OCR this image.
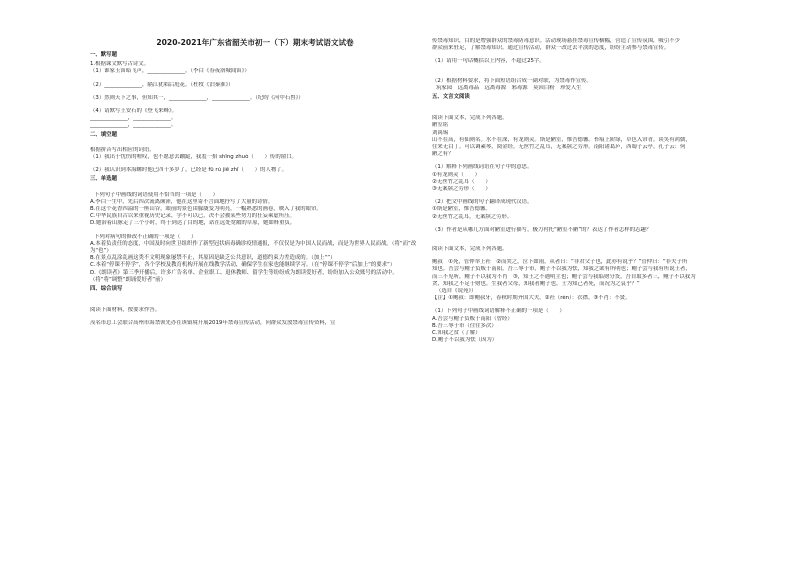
2020-2021年广东省韶关市初一（下）期末考试语文试卷
一、默写题
1.根据课文默写古诗文。
（1）谁家玉笛暗飞声，______________。（李白《春夜洛城闻笛》）
（2）______________，隔江犹唱后庭花。（杜牧《泊秦淮》）
（3）然则天下之事，但知其一，______________，______________。（纪昀《河中石兽》）
（4）请默写王安石的《登飞来峰》。
______________，______________。
______________，______________。
二、填空题
根据拼音写出相应的词语。
（1）我出于忧伤的喟叹，也不愿意去蹦跶，我羞一抬 shǐng zhuó（　　）传的窗口。
（2）我认识到本海螺时他已四十多岁了，已经是 fū rú jiē zhī（　　）的人物了。
三、单选题
下列句子中画线的词语使用不恰当的一项是（　　）
A.李白一生中，先后四次流离颠沛，他在这里寄不言面地抒写了大量的诗情。
B.在这个花香四溢的一座山谷，眼前的景色由朦胧变为明亮，一幅熟悉的画卷，映入了我的眼帘。
C.中华民族自古以来重视历史记录，学不可以已，决不会被某些势力的狂妄乘虚所压。
D.她治着山脉走了三个小时，终于到达了目的地，站在远处宽敞的草原，她如释重负。
下列对病句的修改不正确的一项是（　　）
A.本着负责任的态度，中国及时向世卫组织作了新型冠状病毒确诊疫情通报，不仅仅是为中国人民而战，而是为世界人民而战。（将“而”改为“也”）
B.在景点乱涂乱画这类不文明现象屡禁不止，其原因是缺乏公共意识，道德约束力差造成的。（加上“”）
C.本着“停课不停学”，各个学校及教育机构开展在线教学活动，确保学生在家也能继续学习。（在“停课不停学”后加上“的要求”）
D.《朗读者》第三季开播后，许多广告名单、企业职工、退休教师、留学生等纷纷成为朗读爱好者，纷纷加入公众账号的活动中。（将“将”调整“朗诵爱好者”前）
四、综合读写
阅读下面材料，按要求作答。
茂名市总工会联合高州市海禁领先办在该镇境开展2019年禁毒宣传活动，向群众发放禁毒宣传资料，宣
传禁毒知识，目的是增强群众的禁毒防毒意识。活动现场悬挂禁毒宣传横幅，营造了宣传氛围，吸引不少
群众前来驻足，了解禁毒知识。通过宣传活动，群众一改过去平淡的态度，纷纷主动参与禁毒宣传。
（1）请用一句话概括以上内容，不超过25字。
（2）根据材料要求，将下面短语组合成一副对联，为禁毒作宣传。
筑家园　远离毒品　远离毒源　邪毒源　莫因白粉　珍爱人生
五、文言文阅读
阅读下面文本，完成下列各题。
陋室铭
刘禹锡
山不在高，有仙则名。水不在深，有龙则灵。斯是陋室，惟吾德馨。苔痕上阶绿，草色入帘青。谈笑有鸿儒，
往来无白丁。可以调素琴，阅金经。无丝竹之乱耳，无案牍之劳形。南阳诸葛庐，西蜀子云亭。孔子云：何
陋之有？
（1）解释下列画线词语在句子中的意思。
①有龙则灵（　　）
②无丝竹之乱耳（　　）
③无案牍之劳形（　　）
（2）把文中画线的句子翻译成现代汉语。
①斯是陋室，惟吾德馨。
②无丝竹之乱耳，无案牍之劳形。
（3）作者是从哪几方面对陋室进行描写，极力衬托“陋室不陋”的？表达了作者怎样的志趣？
阅读下面文本，完成下列各题。
鲍叔　①死，管仲举上衽　②而哭之，泣下如雨。从者曰：“非君父子也，此亦有说乎？”管仲曰：“非夫子所
知也。吾尝与鲍子负贩于南阳，吾三辱于市，鲍子不以我为怯，知我之欲有所明也；鲍子尝与我有所说王者，
而三不见听，鲍子不以我为不肖　③，知王之不遇明主也；鲍子尝与我临财分货，吾自取多者三，鲍子不以我为
贪，知我之不足于财也。生我者父母，知我者鲍子也。士为知己者死，而况为之哀乎？”
（选自《说苑》）
【注】①鲍叔：即鲍叔牙，春秋时期齐国大夫。②衽（rèn）：衣襟。③不肖：不贤。
（1）下列句子中画线词语解释不正确的一项是（　　）
A.吾尝与鲍子负贩于南阳（曾经）
B.吾三辱于市（往往多次）
C.知我之贫（了解）
D.鲍子不以我为怯（因为）
